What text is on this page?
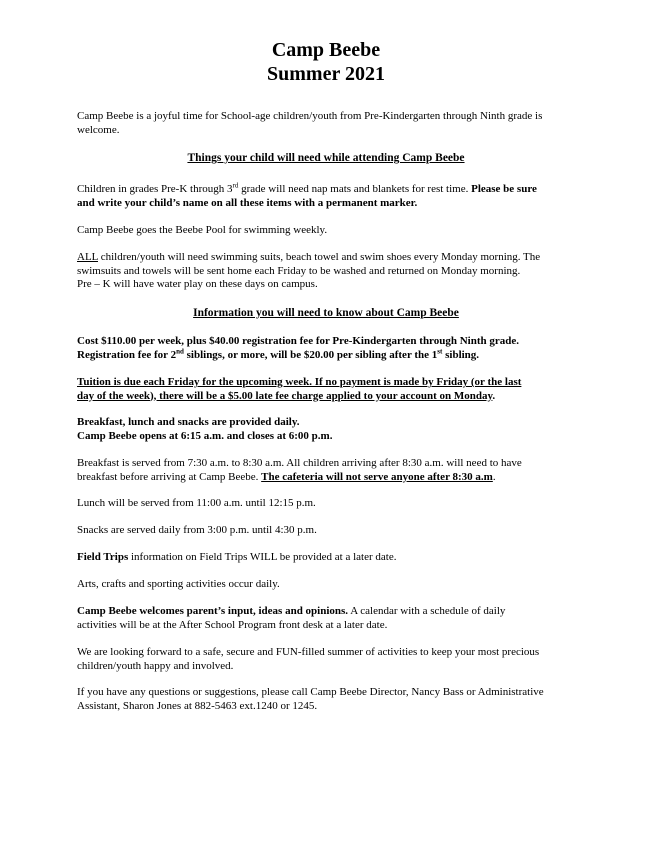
Camp Beebe
Summer 2021
Camp Beebe is a joyful time for School-age children/youth from Pre-Kindergarten through Ninth grade is
welcome.
Things your child will need while attending Camp Beebe
Children in grades Pre-K through 3rd grade will need nap mats and blankets for rest time. Please be sure
and write your child’s name on all these items with a permanent marker.
Camp Beebe goes the Beebe Pool for swimming weekly.
ALL children/youth will need swimming suits, beach towel and swim shoes every Monday morning. The
swimsuits and towels will be sent home each Friday to be washed and returned on Monday morning.
Pre – K will have water play on these days on campus.
Information you will need to know about Camp Beebe
Cost $110.00 per week, plus $40.00 registration fee for Pre-Kindergarten through Ninth grade.
Registration fee for 2nd siblings, or more, will be $20.00 per sibling after the 1st sibling.
Tuition is due each Friday for the upcoming week. If no payment is made by Friday (or the last
day of the week), there will be a $5.00 late fee charge applied to your account on Monday.
Breakfast, lunch and snacks are provided daily.
Camp Beebe opens at 6:15 a.m. and closes at 6:00 p.m.
Breakfast is served from 7:30 a.m. to 8:30 a.m. All children arriving after 8:30 a.m. will need to have
breakfast before arriving at Camp Beebe. The cafeteria will not serve anyone after 8:30 a.m.
Lunch will be served from 11:00 a.m. until 12:15 p.m.
Snacks are served daily from 3:00 p.m. until 4:30 p.m.
Field Trips information on Field Trips WILL be provided at a later date.
Arts, crafts and sporting activities occur daily.
Camp Beebe welcomes parent’s input, ideas and opinions. A calendar with a schedule of daily
activities will be at the After School Program front desk at a later date.
We are looking forward to a safe, secure and FUN-filled summer of activities to keep your most precious
children/youth happy and involved.
If you have any questions or suggestions, please call Camp Beebe Director, Nancy Bass or Administrative
Assistant, Sharon Jones at 882-5463 ext.1240 or 1245.
